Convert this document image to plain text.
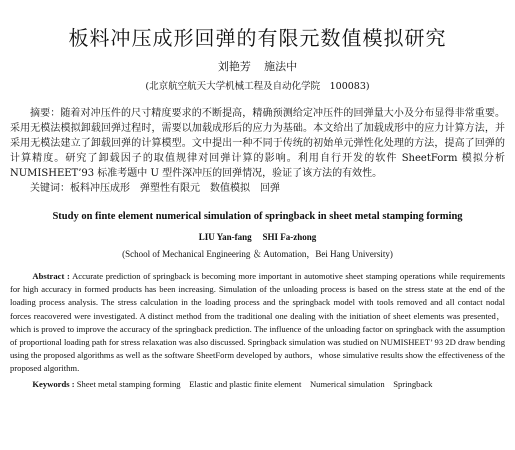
板料冲压成形回弹的有限元数值模拟研究
刘艳芳 施法中
(北京航空航天大学机械工程及自动化学院　100083)
摘要：随着对冲压件的尺寸精度要求的不断提高，精确预测给定冲压件的回弹量大小及分布显得非常重要。采用无模法模拟卸载回弹过程时，需要以加载成形后的应力为基础。本文给出了加载成形中的应力计算方法，并采用无模法建立了卸载回弹的计算模型。文中提出一种不同于传统的初始单元弹性化处理的方法，提高了回弹的计算精度。研究了卸载因子的取值规律对回弹计算的影响。利用自行开发的软件 SheetForm 模拟分析 NUMISHEET’93 标准考题中 U 型件深冲压的回弹情况，验证了该方法的有效性。
关键词：板料冲压成形 弹塑性有限元 数值模拟 回弹
Study on finte element numerical simulation of springback in sheet metal stamping forming
LIU Yan-fang SHI Fa-zhong
(School of Mechanical Engineering ＆ Automation，Bei Hang University)
Abstract : Accurate prediction of springback is becoming more important in automotive sheet stamping operations while requirements for high accuracy in formed products has been increasing. Simulation of the unloading process is based on the stress state at the end of the loading process analysis. The stress calculation in the loading process and the springback model with tools removed and all contact nodal forces reacovered were investigated. A distinct method from the traditional one dealing with the initiation of sheet elements was presented，which is proved to improve the accuracy of the springback prediction. The influence of the unloading factor on springback with the assumption of proportional loading path for stress relaxation was also discussed. Springback simulation was studied on NUMISHEET’ 93 2D draw bending using the proposed algorithms as well as the software SheetForm developed by authors，whose simulative results show the effectiveness of the proposed algorithm.
Keywords : Sheet metal stamping forming Elastic and plastic finite element Numerical simulation Springback
